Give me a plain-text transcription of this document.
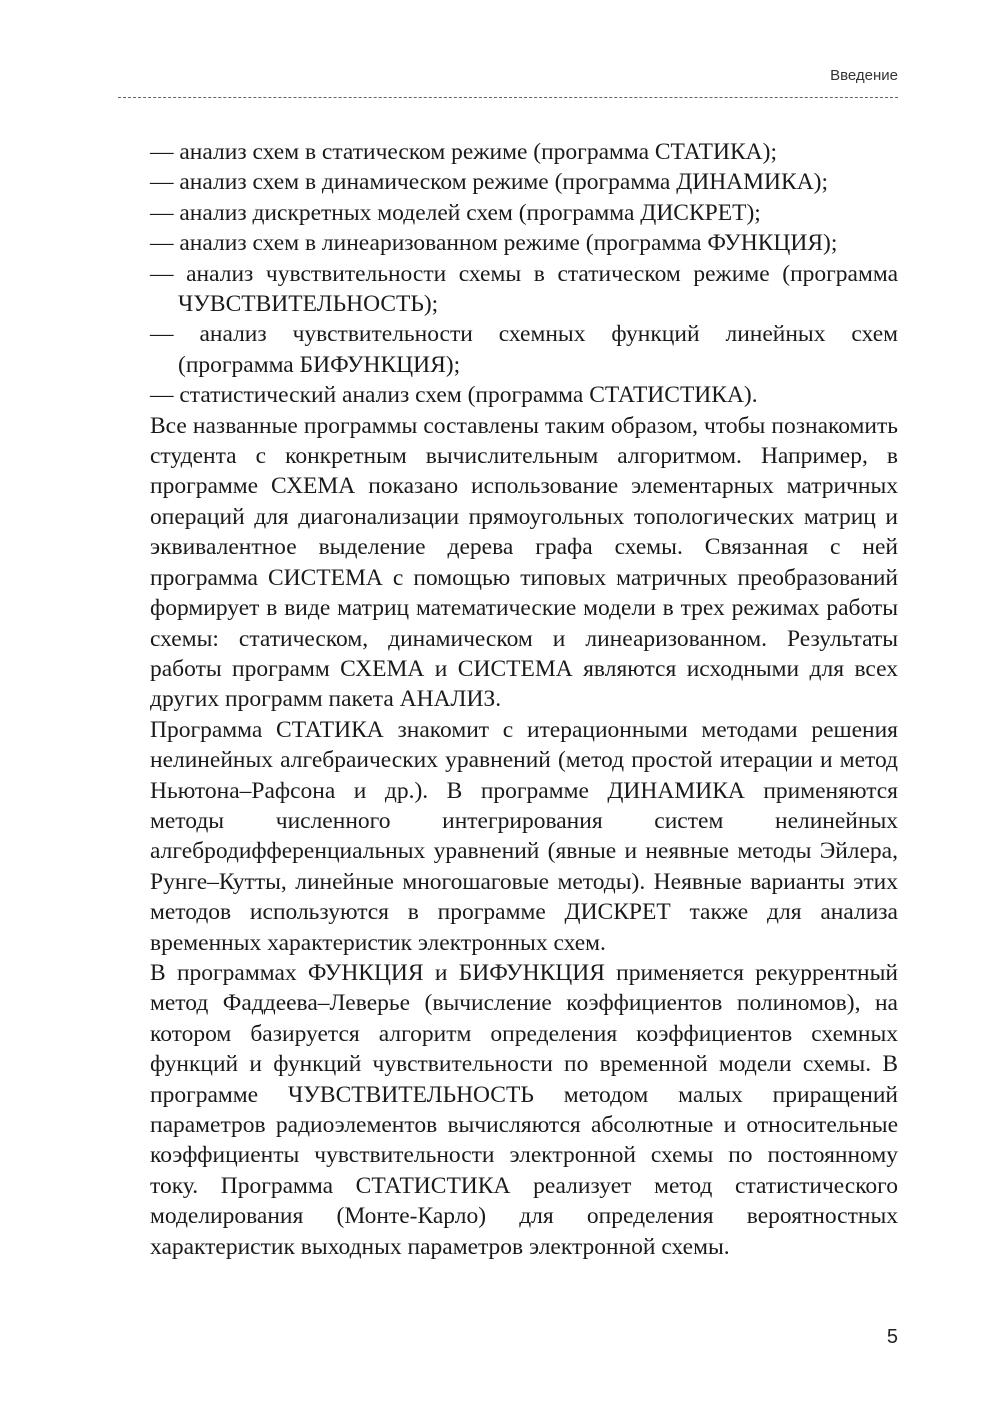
Введение
— анализ схем в статическом режиме (программа СТАТИКА);
— анализ схем в динамическом режиме (программа ДИНАМИКА);
— анализ дискретных моделей схем (программа ДИСКРЕТ);
— анализ схем в линеаризованном режиме (программа ФУНКЦИЯ);
— анализ чувствительности схемы в статическом режиме (программа ЧУВСТВИТЕЛЬНОСТЬ);
— анализ чувствительности схемных функций линейных схем (программа БИФУНКЦИЯ);
— статистический анализ схем (программа СТАТИСТИКА).

Все названные программы составлены таким образом, чтобы познакомить студента с конкретным вычислительным алгоритмом. Например, в программе СХЕМА показано использование элементарных матричных операций для диагонализации прямоугольных топологических матриц и эквивалентное выделение дерева графа схемы. Связанная с ней программа СИСТЕМА с помощью типовых матричных преобразований формирует в виде матриц математические модели в трех режимах работы схемы: статическом, динамическом и линеаризованном. Результаты работы программ СХЕМА и СИСТЕМА являются исходными для всех других программ пакета АНАЛИЗ.

Программа СТАТИКА знакомит с итерационными методами решения нелинейных алгебраических уравнений (метод простой итерации и метод Ньютона–Рафсона и др.). В программе ДИНАМИКА применяются методы численного интегрирования систем нелинейных алгебродифференциальных уравнений (явные и неявные методы Эйлера, Рунге–Кутты, линейные многошаговые методы). Неявные варианты этих методов используются в программе ДИСКРЕТ также для анализа временных характеристик электронных схем.

В программах ФУНКЦИЯ и БИФУНКЦИЯ применяется рекуррентный метод Фаддеева–Леверье (вычисление коэффициентов полиномов), на котором базируется алгоритм определения коэффициентов схемных функций и функций чувствительности по временной модели схемы. В программе ЧУВСТВИТЕЛЬНОСТЬ методом малых приращений параметров радиоэлементов вычисляются абсолютные и относительные коэффициенты чувствительности электронной схемы по постоянному току. Программа СТАТИСТИКА реализует метод статистического моделирования (Монте-Карло) для определения вероятностных характеристик выходных параметров электронной схемы.

5
